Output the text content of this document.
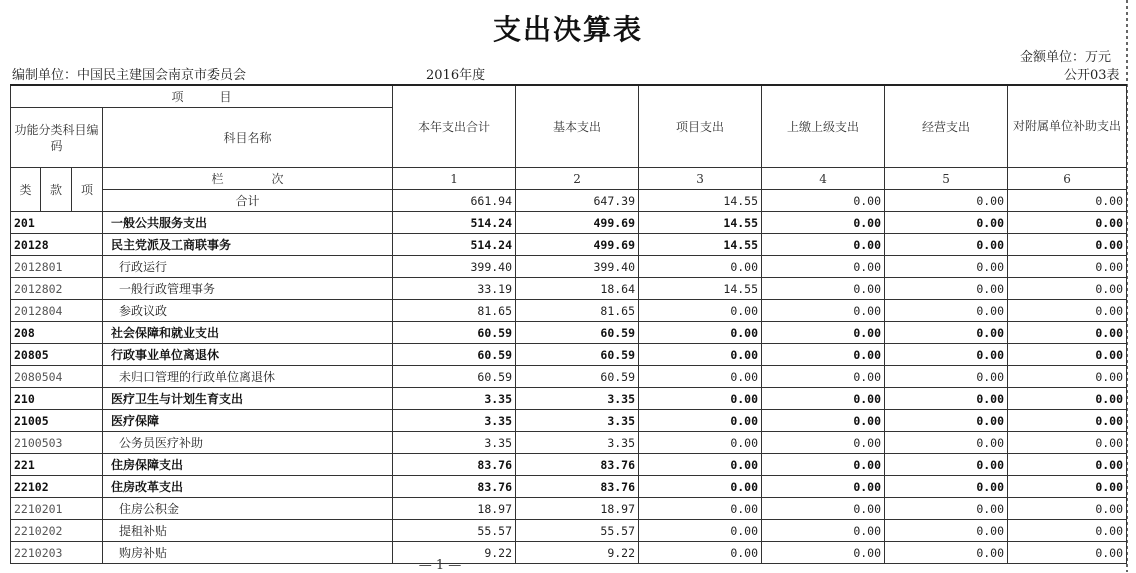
支出决算表
金额单位：万元
编制单位：中国民主建国会南京市委员会	2016年度	公开03表
项　　　目				本年支出合计	基本支出	项目支出	上缴上级支出	经营支出	对附属单位补助支出
功能分类科目编码			科目名称						
类	款	项	栏　　　　次	1	2	3	4	5	6
			合计	661.94	647.39	14.55	0.00	0.00	0.00
201			一般公共服务支出	514.24	499.69	14.55	0.00	0.00	0.00
20128			民主党派及工商联事务	514.24	499.69	14.55	0.00	0.00	0.00
2012801			行政运行	399.40	399.40	0.00	0.00	0.00	0.00
2012802			一般行政管理事务	33.19	18.64	14.55	0.00	0.00	0.00
2012804			参政议政	81.65	81.65	0.00	0.00	0.00	0.00
208			社会保障和就业支出	60.59	60.59	0.00	0.00	0.00	0.00
20805			行政事业单位离退休	60.59	60.59	0.00	0.00	0.00	0.00
2080504			未归口管理的行政单位离退休	60.59	60.59	0.00	0.00	0.00	0.00
210			医疗卫生与计划生育支出	3.35	3.35	0.00	0.00	0.00	0.00
21005			医疗保障	3.35	3.35	0.00	0.00	0.00	0.00
2100503			公务员医疗补助	3.35	3.35	0.00	0.00	0.00	0.00
221			住房保障支出	83.76	83.76	0.00	0.00	0.00	0.00
22102			住房改革支出	83.76	83.76	0.00	0.00	0.00	0.00
2210201			住房公积金	18.97	18.97	0.00	0.00	0.00	0.00
2210202			提租补贴	55.57	55.57	0.00	0.00	0.00	0.00
2210203			购房补贴	9.22	9.22	0.00	0.00	0.00	0.00
— 1 —
